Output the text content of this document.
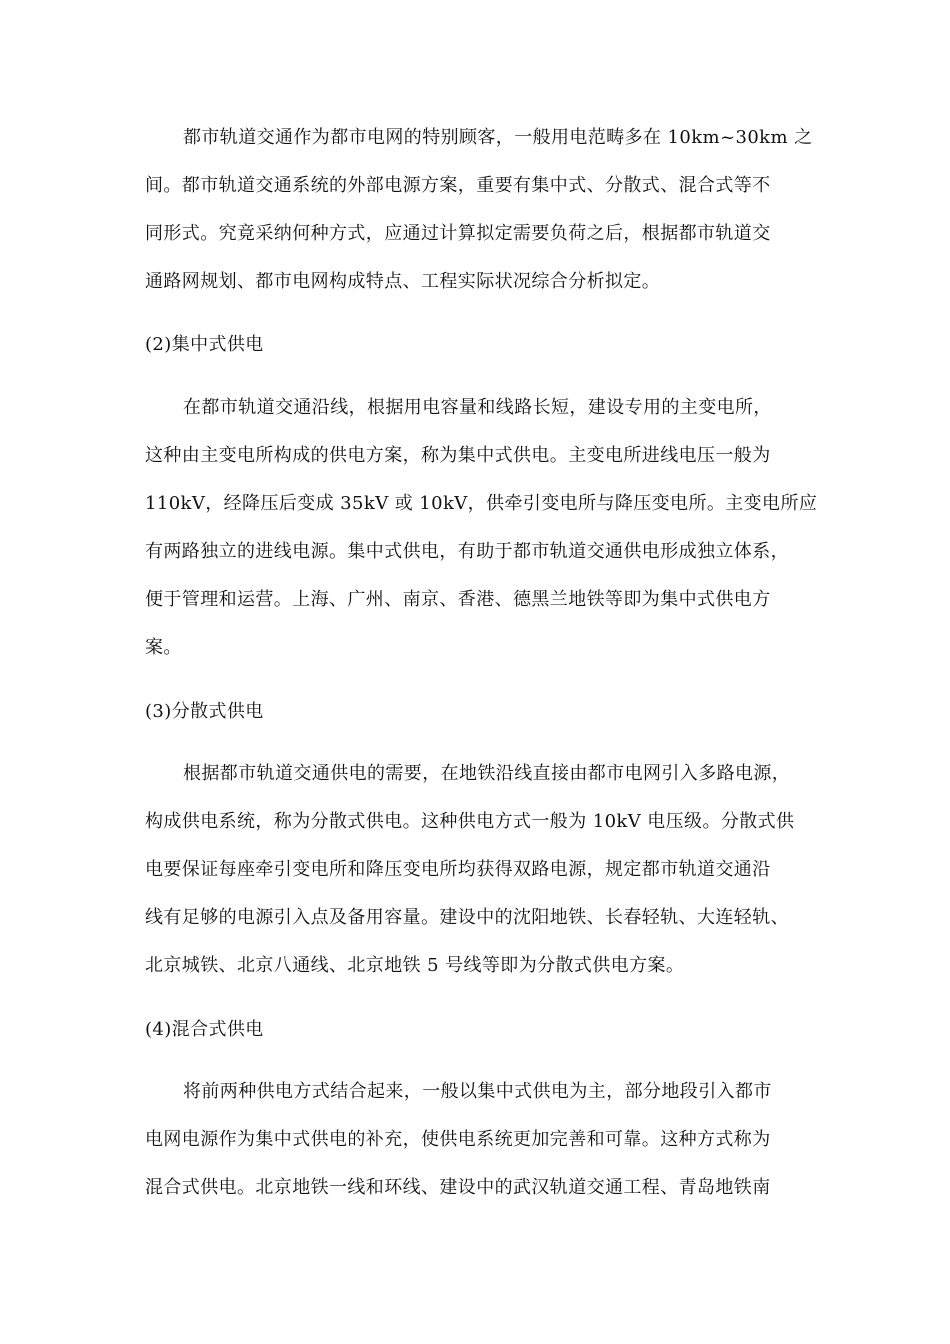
都市轨道交通作为都市电网的特别顾客，一般用电范畴多在 10km~30km 之
间。都市轨道交通系统的外部电源方案，重要有集中式、分散式、混合式等不
同形式。究竟采纳何种方式，应通过计算拟定需要负荷之后，根据都市轨道交
通路网规划、都市电网构成特点、工程实际状况综合分析拟定。
(2)集中式供电
在都市轨道交通沿线，根据用电容量和线路长短，建设专用的主变电所，
这种由主变电所构成的供电方案，称为集中式供电。主变电所进线电压一般为
110kV，经降压后变成 35kV 或 10kV，供牵引变电所与降压变电所。主变电所应
有两路独立的进线电源。集中式供电，有助于都市轨道交通供电形成独立体系，
便于管理和运营。上海、广州、南京、香港、德黑兰地铁等即为集中式供电方
案。
(3)分散式供电
根据都市轨道交通供电的需要，在地铁沿线直接由都市电网引入多路电源，
构成供电系统，称为分散式供电。这种供电方式一般为 10kV 电压级。分散式供
电要保证每座牵引变电所和降压变电所均获得双路电源，规定都市轨道交通沿
线有足够的电源引入点及备用容量。建设中的沈阳地铁、长春轻轨、大连轻轨、
北京城铁、北京八通线、北京地铁 5 号线等即为分散式供电方案。
(4)混合式供电
将前两种供电方式结合起来，一般以集中式供电为主，部分地段引入都市
电网电源作为集中式供电的补充，使供电系统更加完善和可靠。这种方式称为
混合式供电。北京地铁一线和环线、建设中的武汉轨道交通工程、青岛地铁南
